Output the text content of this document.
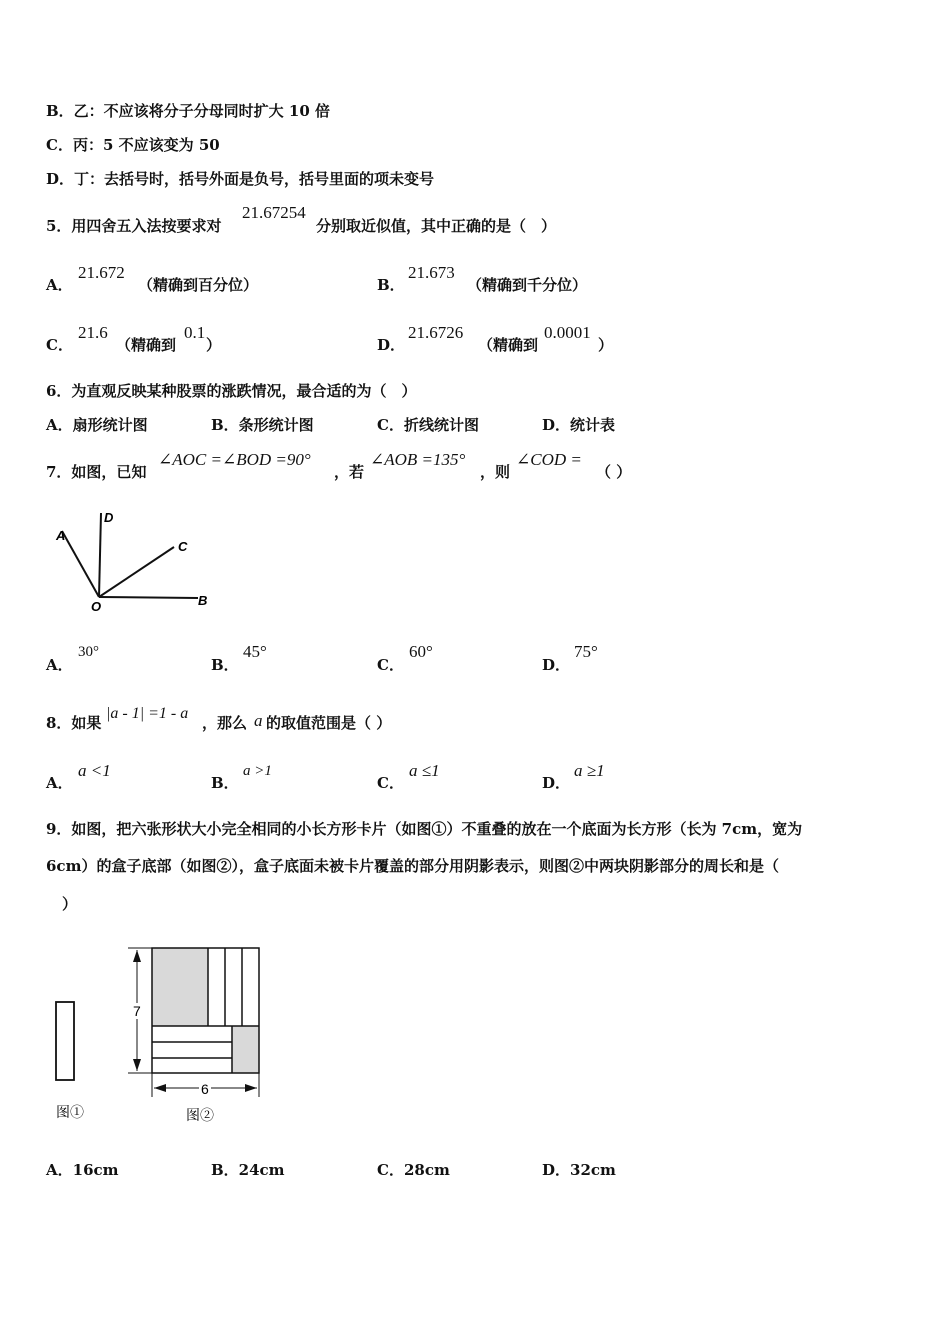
B．乙：不应该将分子分母同时扩大 10 倍
C．丙：5 不应该变为 50
D．丁：去括号时，括号外面是负号，括号里面的项未变号
5．用四舍五入法按要求对
21.67254
分别取近似值，其中正确的是（　）
A．
21.672
（精确到百分位）	B．
21.673
（精确到千分位）
C．
21.6
（精确到
0.1
）	D．
21.6726
（精确到
0.0001
）
6．为直观反映某种股票的涨跌情况，最合适的为（　）
A．扇形统计图	B．条形统计图	C．折线统计图	D．统计表
7．如图，已知
∠AOC =∠BOD =90°
，若
∠AOB =135°
，则
∠COD =
（ ）
A
D
C
O	B
A．
30°
B．
45°
C．
60°
D．
75°
8．如果
|a - 1| =1 - a
，那么 a 的取值范围是（ ）
A．
a <1
B．
a >1
C．
a ≤1
D．
a ≥1
9．如图，把六张形状大小完全相同的小长方形卡片（如图①）不重叠的放在一个底面为长方形（长为 7cm，宽为
6cm）的盒子底部（如图②），盒子底面未被卡片覆盖的部分用阴影表示，则图②中两块阴影部分的周长和是（
）
图①
7
6
图②
A．16cm	B．24cm	C．28cm	D．32cm
